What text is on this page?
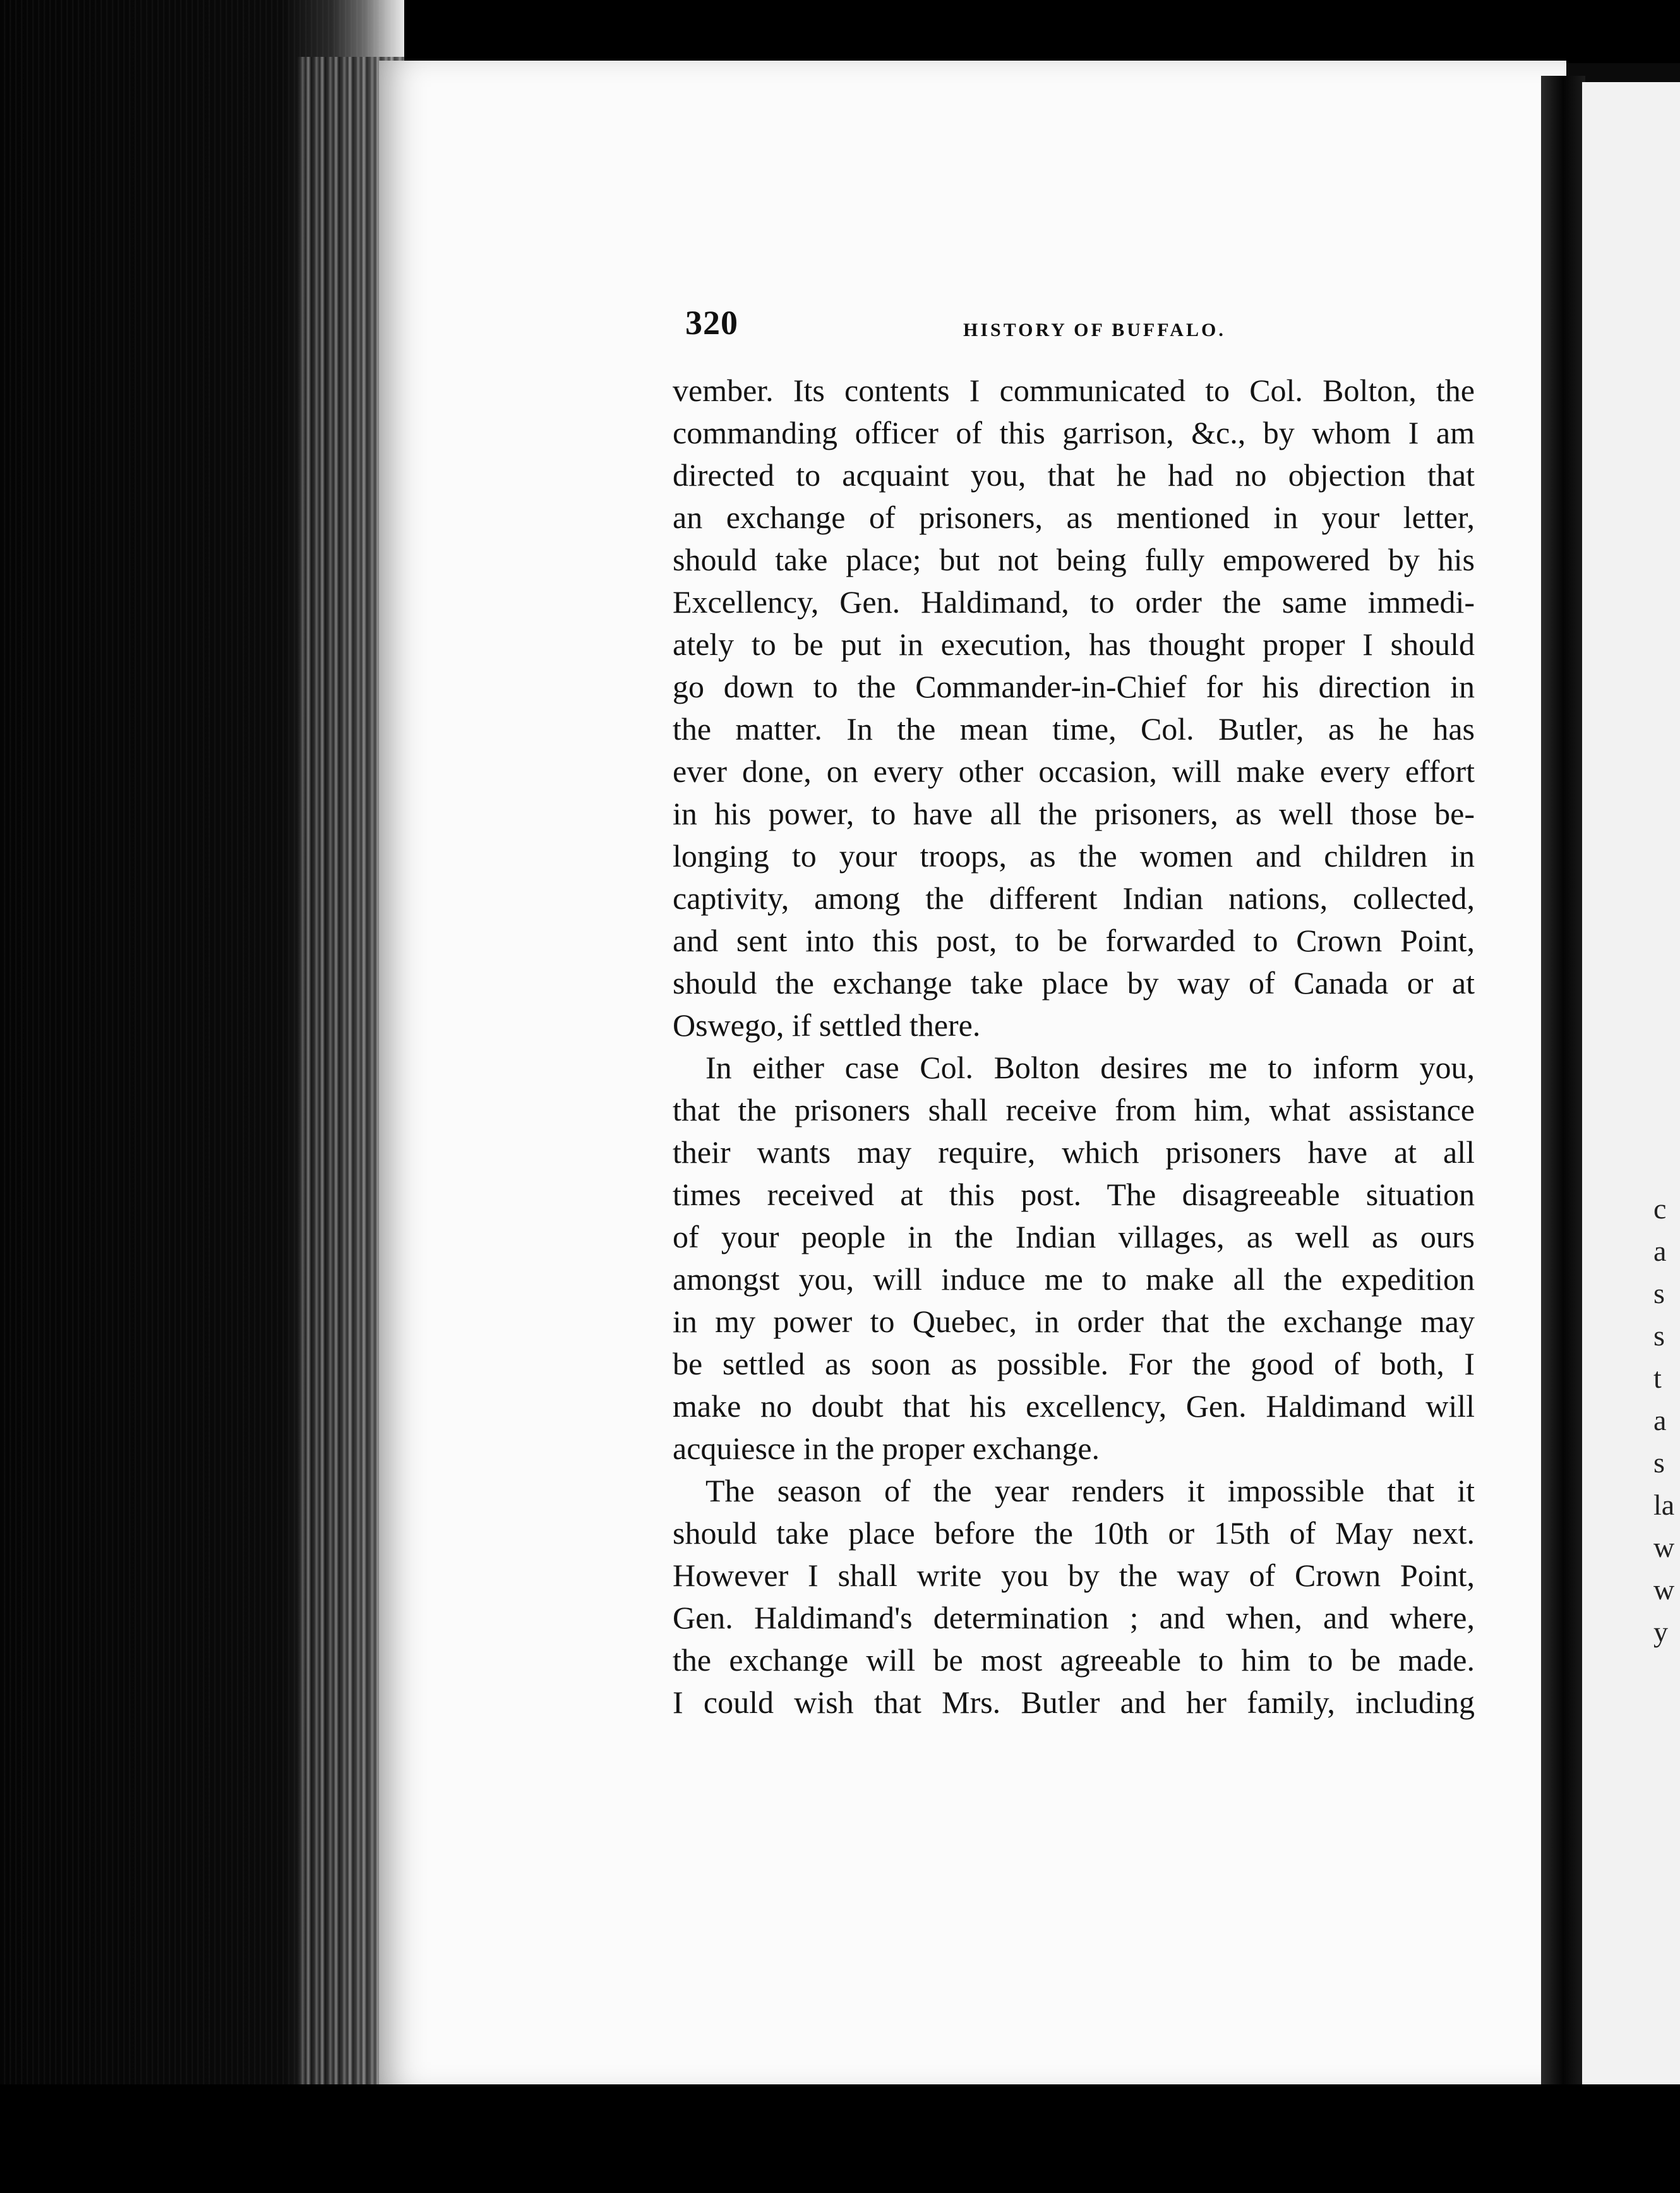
c
a
s
s
t
a
s
la
w
w
y
320	HISTORY OF BUFFALO.
vember. Its contents I communicated to Col. Bolton, the
commanding officer of this garrison, &c., by whom I am
directed to acquaint you, that he had no objection that
an exchange of prisoners, as mentioned in your letter,
should take place; but not being fully empowered by his
Excellency, Gen. Haldimand, to order the same immedi-
ately to be put in execution, has thought proper I should
go down to the Commander-in-Chief for his direction in
the matter. In the mean time, Col. Butler, as he has
ever done, on every other occasion, will make every effort
in his power, to have all the prisoners, as well those be-
longing to your troops, as the women and children in
captivity, among the different Indian nations, collected,
and sent into this post, to be forwarded to Crown Point,
should the exchange take place by way of Canada or at
Oswego, if settled there.
In either case Col. Bolton desires me to inform you,
that the prisoners shall receive from him, what assistance
their wants may require, which prisoners have at all
times received at this post. The disagreeable situation
of your people in the Indian villages, as well as ours
amongst you, will induce me to make all the expedition
in my power to Quebec, in order that the exchange may
be settled as soon as possible. For the good of both, I
make no doubt that his excellency, Gen. Haldimand will
acquiesce in the proper exchange.
The season of the year renders it impossible that it
should take place before the 10th or 15th of May next.
However I shall write you by the way of Crown Point,
Gen. Haldimand's determination ; and when, and where,
the exchange will be most agreeable to him to be made.
I could wish that Mrs. Butler and her family, including
